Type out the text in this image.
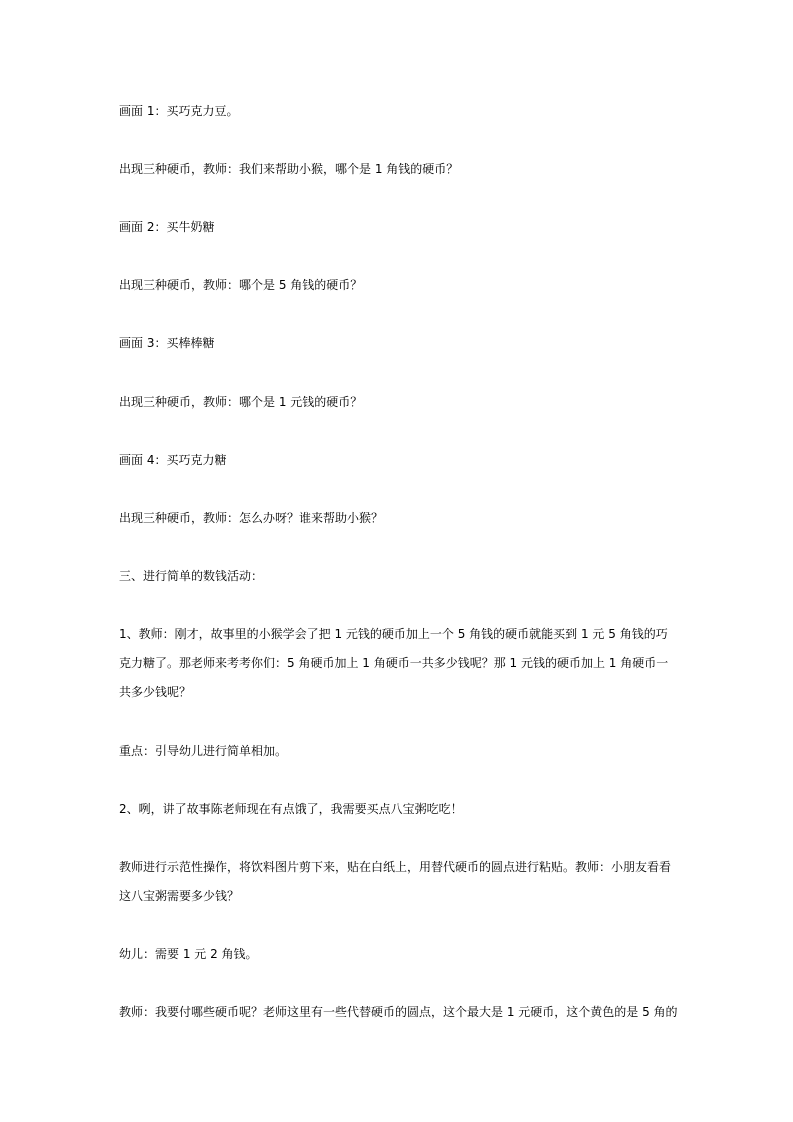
画面 1：买巧克力豆。

出现三种硬币，教师：我们来帮助小猴，哪个是 1 角钱的硬币？

画面 2：买牛奶糖

出现三种硬币，教师：哪个是 5 角钱的硬币？

画面 3：买棒棒糖

出现三种硬币，教师：哪个是 1 元钱的硬币？

画面 4：买巧克力糖

出现三种硬币，教师：怎么办呀？谁来帮助小猴？

三、进行简单的数钱活动：

1、教师：刚才，故事里的小猴学会了把 1 元钱的硬币加上一个 5 角钱的硬币就能买到 1 元 5 角钱的巧克力糖了。那老师来考考你们：5 角硬币加上 1 角硬币一共多少钱呢？那 1 元钱的硬币加上 1 角硬币一共多少钱呢？

重点：引导幼儿进行简单相加。

2、咧，讲了故事陈老师现在有点饿了，我需要买点八宝粥吃吃！

教师进行示范性操作，将饮料图片剪下来，贴在白纸上，用替代硬币的圆点进行粘贴。教师：小朋友看看这八宝粥需要多少钱？

幼儿：需要 1 元 2 角钱。

教师：我要付哪些硬币呢？老师这里有一些代替硬币的圆点，这个最大是 1 元硬币，这个黄色的是 5 角的
